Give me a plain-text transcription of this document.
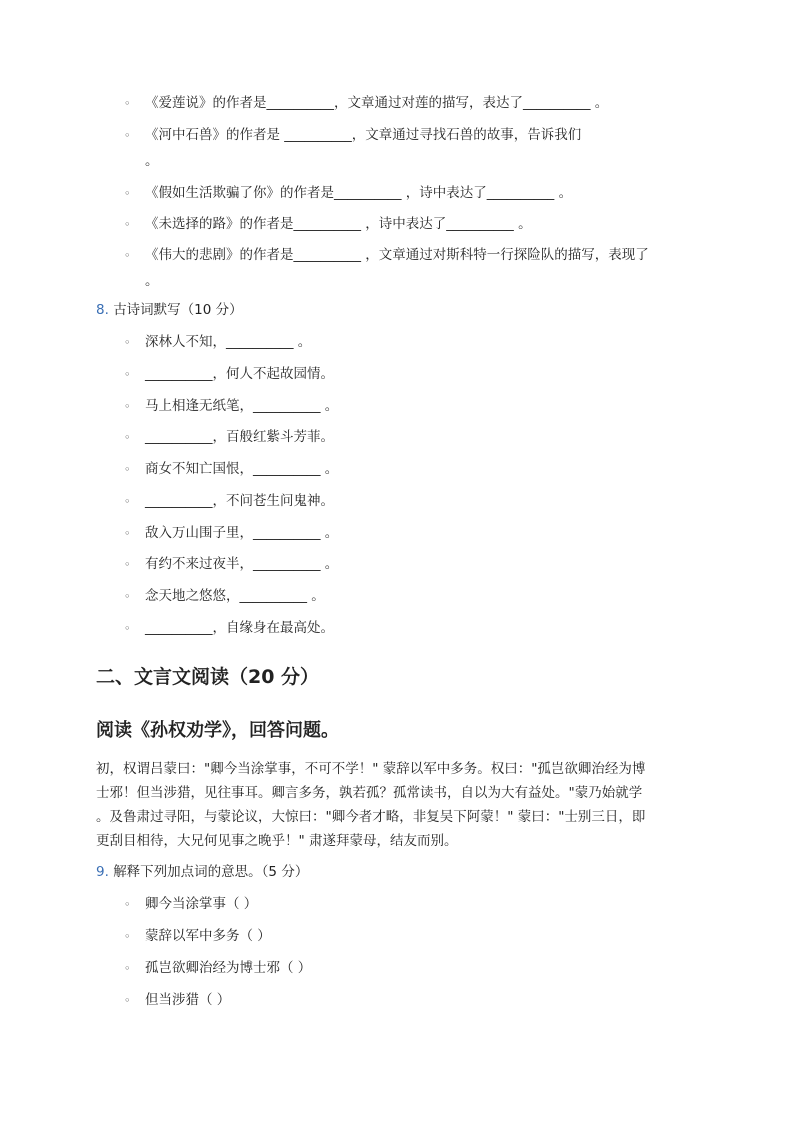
◦ 《爱莲说》的作者是__________，文章通过对莲的描写，表达了__________ 。
◦ 《河中石兽》的作者是 __________，文章通过寻找石兽的故事，告诉我们
。
◦ 《假如生活欺骗了你》的作者是__________ ，诗中表达了__________ 。
◦ 《未选择的路》的作者是__________ ，诗中表达了__________ 。
◦ 《伟大的悲剧》的作者是__________ ，文章通过对斯科特一行探险队的描写，表现了
。
8. 古诗词默写（10 分）
◦ 深林人不知，__________ 。
◦ __________，何人不起故园情。
◦ 马上相逢无纸笔，__________ 。
◦ __________，百般红紫斗芳菲。
◦ 商女不知亡国恨，__________ 。
◦ __________，不问苍生问鬼神。
◦ 敌入万山围子里，__________ 。
◦ 有约不来过夜半，__________ 。
◦ 念天地之悠悠，__________ 。
◦ __________，自缘身在最高处。
二、文言文阅读（20 分）
阅读《孙权劝学》，回答问题。

初，权谓吕蒙曰："卿今当涂掌事，不可不学！" 蒙辞以军中多务。权曰："孤岂欲卿治经为博

士邪！但当涉猎，见往事耳。卿言多务，孰若孤？孤常读书，自以为大有益处。"蒙乃始就学

。及鲁肃过寻阳，与蒙论议，大惊曰："卿今者才略，非复吴下阿蒙！" 蒙曰："士别三日，即

更刮目相待，大兄何见事之晚乎！" 肃遂拜蒙母，结友而别。

9. 解释下列加点词的意思。（5 分）
◦ 卿今当涂掌事（ ）
◦ 蒙辞以军中多务（ ）
◦ 孤岂欲卿治经为博士邪（ ）
◦ 但当涉猎（ ）
